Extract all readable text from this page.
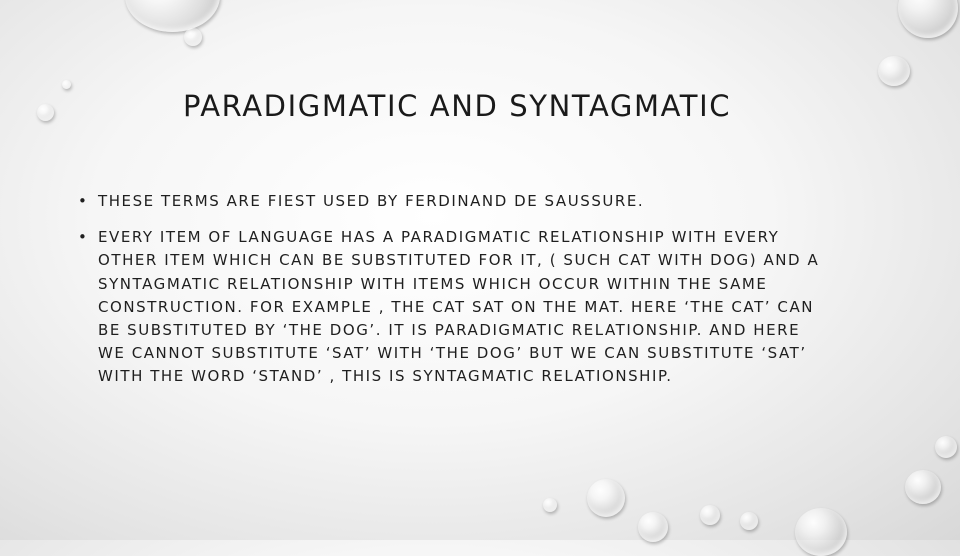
PARADIGMATIC AND SYNTAGMATIC
• THESE TERMS ARE FIEST USED BY FERDINAND DE SAUSSURE.
• EVERY ITEM OF LANGUAGE HAS A PARADIGMATIC RELATIONSHIP WITH EVERY
OTHER ITEM WHICH CAN BE SUBSTITUTED FOR IT, ( SUCH CAT WITH DOG) AND A
SYNTAGMATIC RELATIONSHIP WITH ITEMS WHICH OCCUR WITHIN THE SAME
CONSTRUCTION. FOR EXAMPLE , THE CAT SAT ON THE MAT. HERE ‘THE CAT’ CAN
BE SUBSTITUTED BY ‘THE DOG’. IT IS PARADIGMATIC RELATIONSHIP. AND HERE
WE CANNOT SUBSTITUTE ‘SAT’ WITH ‘THE DOG’ BUT WE CAN SUBSTITUTE ‘SAT’
WITH THE WORD ‘STAND’ , THIS IS SYNTAGMATIC RELATIONSHIP.
